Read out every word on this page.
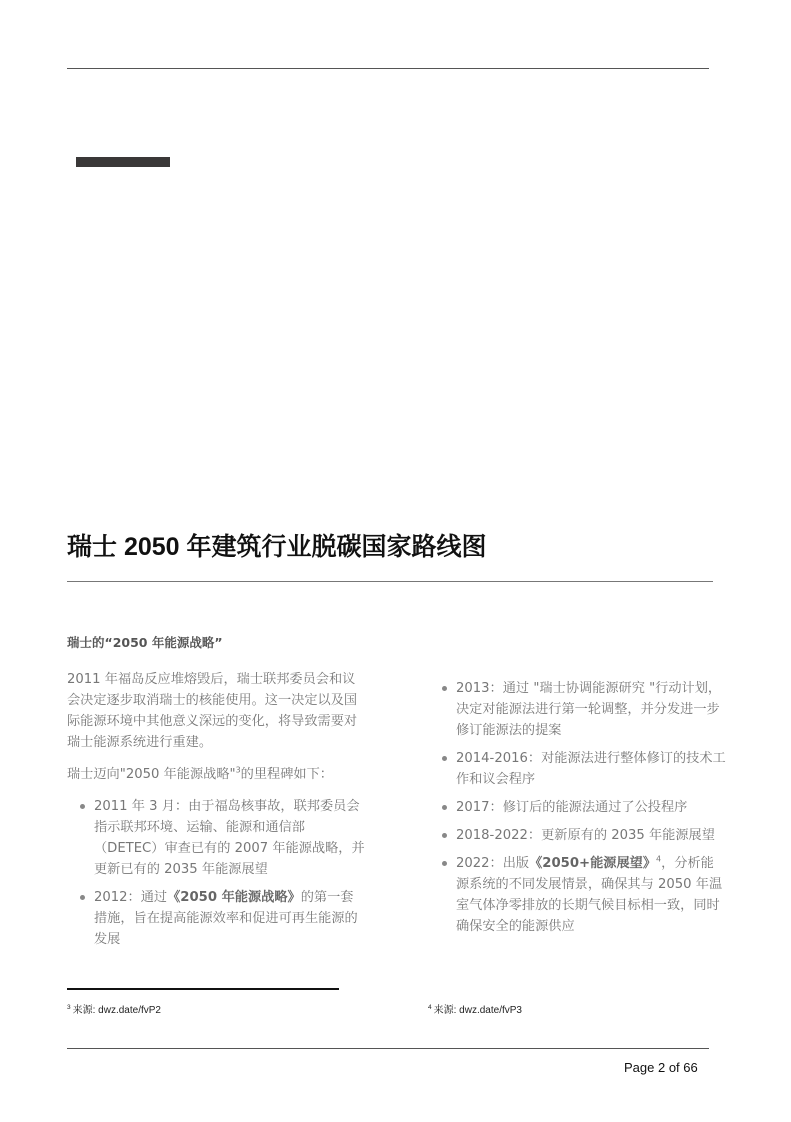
瑞士 2050 年建筑行业脱碳国家路线图
瑞士的“2050 年能源战略”
2011 年福岛反应堆熔毁后，瑞士联邦委员会和议会决定逐步取消瑞士的核能使用。这一决定以及国际能源环境中其他意义深远的变化，将导致需要对瑞士能源系统进行重建。
瑞士迈向"2050 年能源战略"$^3$的里程碑如下：
2011 年 3 月：由于福岛核事故，联邦委员会指示联邦环境、运输、能源和通信部（DETEC）审查已有的 2007 年能源战略，并更新已有的 2035 年能源展望
2012：通过《2050 年能源战略》的第一套措施，旨在提高能源效率和促进可再生能源的发展
2013：通过 "瑞士协调能源研究 "行动计划，决定对能源法进行第一轮调整，并分发进一步修订能源法的提案
2014-2016：对能源法进行整体修订的技术工作和议会程序
2017：修订后的能源法通过了公投程序
2018-2022：更新原有的 2035 年能源展望
2022：出版《2050+能源展望》$^4$，分析能源系统的不同发展情景，确保其与 2050 年温室气体净零排放的长期气候目标相一致，同时确保安全的能源供应
$^3$ 来源: dwz.date/fvP2	$^4$ 来源: dwz.date/fvP3
Page 2 of 66
